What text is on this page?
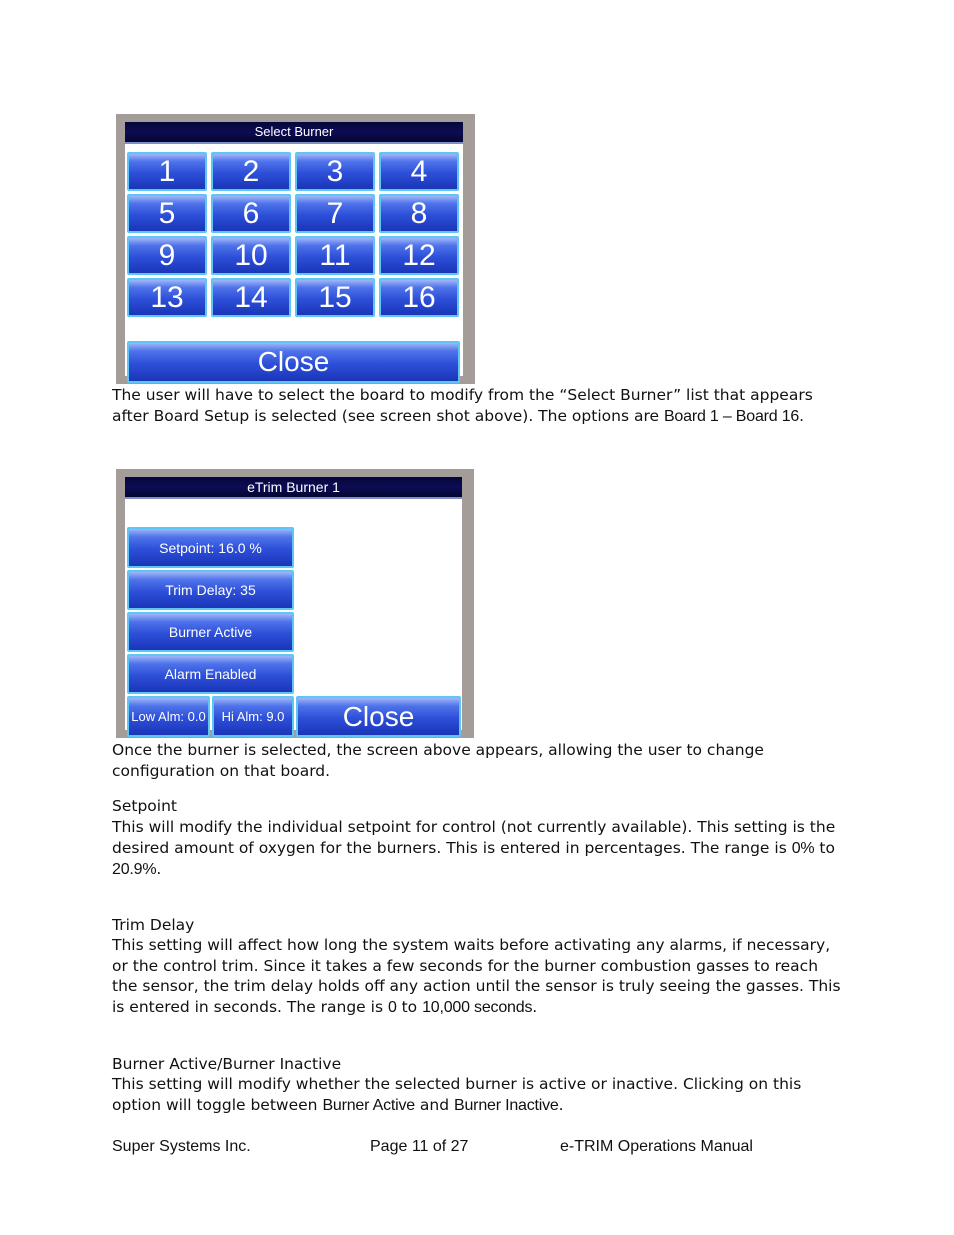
Select Burner
1	2	3	4
5	6	7	8
9	10	11	12
13	14	15	16
Close

The user will have to select the board to modify from the “Select Burner” list that appears after Board Setup is selected (see screen shot above). The options are Board 1 – Board 16.

eTrim Burner 1
Setpoint: 16.0 %
Trim Delay: 35
Burner Active
Alarm Enabled
Low Alm: 0.0	Hi Alm: 9.0	Close

Once the burner is selected, the screen above appears, allowing the user to change configuration on that board.

Setpoint

This will modify the individual setpoint for control (not currently available). This setting is the desired amount of oxygen for the burners. This is entered in percentages. The range is 0% to 20.9%.

Trim Delay

This setting will affect how long the system waits before activating any alarms, if necessary, or the control trim. Since it takes a few seconds for the burner combustion gasses to reach the sensor, the trim delay holds off any action until the sensor is truly seeing the gasses. This is entered in seconds. The range is 0 to 10,000 seconds.

Burner Active/Burner Inactive

This setting will modify whether the selected burner is active or inactive. Clicking on this option will toggle between Burner Active and Burner Inactive.

Super Systems Inc.	Page 11 of 27	e-TRIM Operations Manual
